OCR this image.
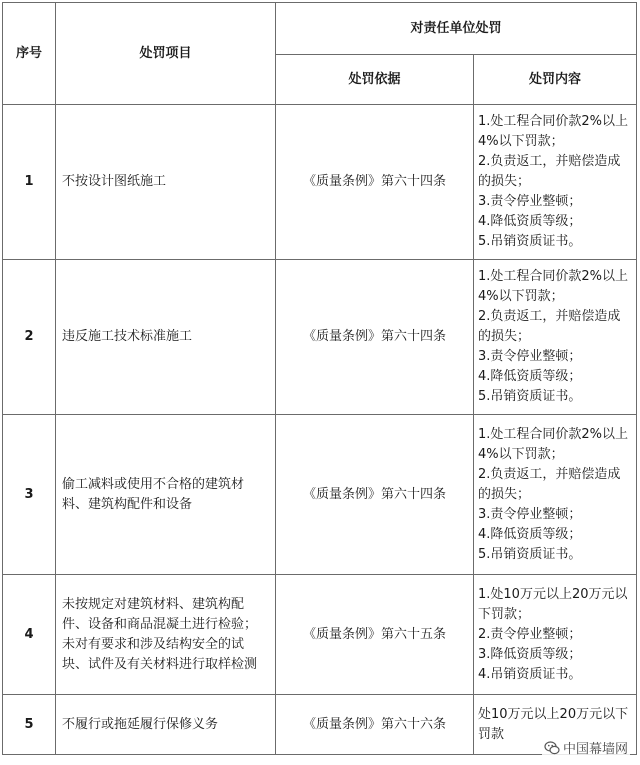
序号	处罚项目	对责任单位处罚	
		处罚依据	处罚内容
1	不按设计图纸施工	《质量条例》第六十四条	1.处工程合同价款2%以上4%以下罚款；
2.负责返工，并赔偿造成的损失；
3.责令停业整顿；
4.降低资质等级；
5.吊销资质证书。

2	违反施工技术标准施工	《质量条例》第六十四条	1.处工程合同价款2%以上4%以下罚款；
2.负责返工，并赔偿造成的损失；
3.责令停业整顿；
4.降低资质等级；
5.吊销资质证书。

3	偷工减料或使用不合格的建筑材料、建筑构配件和设备	《质量条例》第六十四条	1.处工程合同价款2%以上4%以下罚款；
2.负责返工，并赔偿造成的损失；
3.责令停业整顿；
4.降低资质等级；
5.吊销资质证书。

4	未按规定对建筑材料、建筑构配件、设备和商品混凝土进行检验；未对有要求和涉及结构安全的试块、试件及有关材料进行取样检测	《质量条例》第六十五条	1.处10万元以上20万元以下罚款；
2.责令停业整顿；
3.降低资质等级；
4.吊销资质证书。

5	不履行或拖延履行保修义务	《质量条例》第六十六条	处10万元以上20万元以下罚款
中国幕墙网
